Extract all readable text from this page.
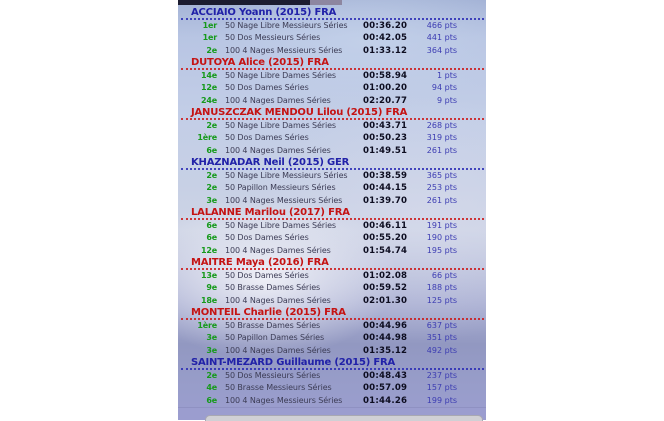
ACCIAIO Yoann (2015) FRA
1er 50 Nage Libre Messieurs Séries	00:36.20	466 pts
1er 50 Dos Messieurs Séries	00:42.05	441 pts
2e 100 4 Nages Messieurs Séries	01:33.12	364 pts
DUTOYA Alice (2015) FRA
14e 50 Nage Libre Dames Séries	00:58.94	1 pts
12e 50 Dos Dames Séries	01:00.20	94 pts
24e 100 4 Nages Dames Séries	02:20.77	9 pts
JANUSZCZAK MENDOU Lilou (2015) FRA
2e 50 Nage Libre Dames Séries	00:43.71	268 pts
1ère 50 Dos Dames Séries	00:50.23	319 pts
6e 100 4 Nages Dames Séries	01:49.51	261 pts
KHAZNADAR Neil (2015) GER
2e 50 Nage Libre Messieurs Séries	00:38.59	365 pts
2e 50 Papillon Messieurs Séries	00:44.15	253 pts
3e 100 4 Nages Messieurs Séries	01:39.70	261 pts
LALANNE Marilou (2017) FRA
6e 50 Nage Libre Dames Séries	00:46.11	191 pts
6e 50 Dos Dames Séries	00:55.20	190 pts
12e 100 4 Nages Dames Séries	01:54.74	195 pts
MAITRE Maya (2016) FRA
13e 50 Dos Dames Séries	01:02.08	66 pts
9e 50 Brasse Dames Séries	00:59.52	188 pts
18e 100 4 Nages Dames Séries	02:01.30	125 pts
MONTEIL Charlie (2015) FRA
1ère 50 Brasse Dames Séries	00:44.96	637 pts
3e 50 Papillon Dames Séries	00:44.98	351 pts
3e 100 4 Nages Dames Séries	01:35.12	492 pts
SAINT-MEZARD Guillaume (2015) FRA
2e 50 Dos Messieurs Séries	00:48.43	237 pts
4e 50 Brasse Messieurs Séries	00:57.09	157 pts
6e 100 4 Nages Messieurs Séries	01:44.26	199 pts
